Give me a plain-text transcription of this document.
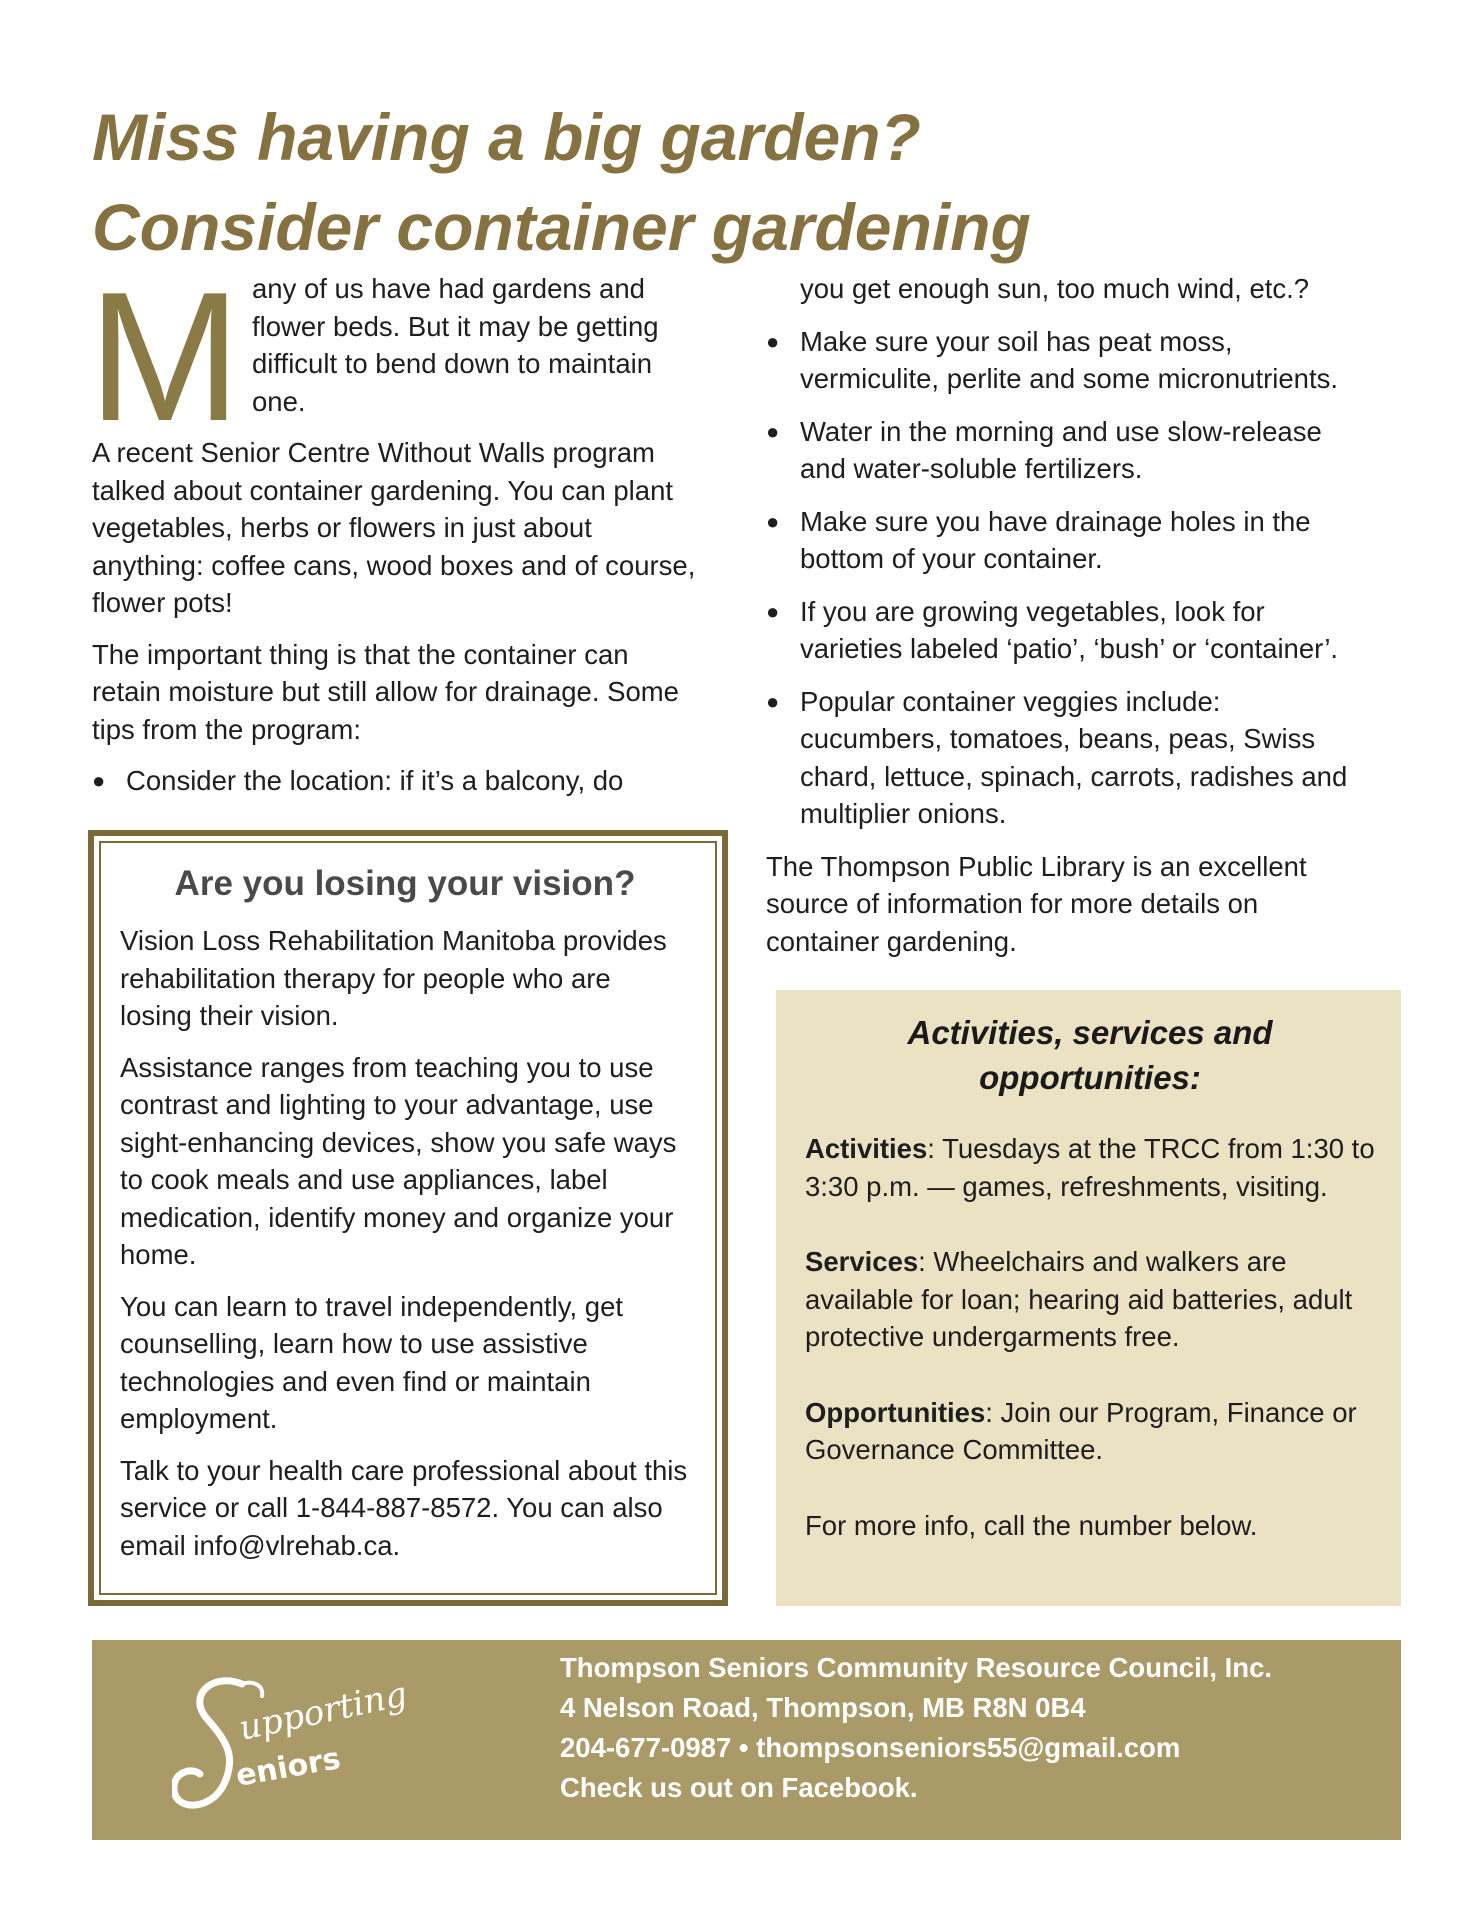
Miss having a big garden?
Consider container gardening
M any of us have had gardens and flower beds. But it may be getting difficult to bend down to maintain one.

A recent Senior Centre Without Walls program talked about container gardening. You can plant vegetables, herbs or flowers in just about anything: coffee cans, wood boxes and of course, flower pots!

The important thing is that the container can retain moisture but still allow for drainage. Some tips from the program:

● Consider the location: if it’s a balcony, do
you get enough sun, too much wind, etc.?
● Make sure your soil has peat moss, vermiculite, perlite and some micronutrients.
● Water in the morning and use slow-release and water-soluble fertilizers.
● Make sure you have drainage holes in the bottom of your container.
● If you are growing vegetables, look for varieties labeled ‘patio’, ‘bush’ or ‘container’.
● Popular container veggies include: cucumbers, tomatoes, beans, peas, Swiss chard, lettuce, spinach, carrots, radishes and multiplier onions.

The Thompson Public Library is an excellent source of information for more details on container gardening.

Are you losing your vision?

Vision Loss Rehabilitation Manitoba provides rehabilitation therapy for people who are losing their vision.

Assistance ranges from teaching you to use contrast and lighting to your advantage, use sight-enhancing devices, show you safe ways to cook meals and use appliances, label medication, identify money and organize your home.

You can learn to travel independently, get counselling, learn how to use assistive technologies and even find or maintain employment.

Talk to your health care professional about this service or call 1-844-887-8572. You can also email info@vlrehab.ca.

Activities, services and
opportunities:

Activities: Tuesdays at the TRCC from 1:30 to 3:30 p.m. — games, refreshments, visiting.

Services: Wheelchairs and walkers are available for loan; hearing aid batteries, adult protective undergarments free.

Opportunities: Join our Program, Finance or Governance Committee.

For more info, call the number below.

upporting
eniors
Thompson Seniors Community Resource Council, Inc.
4 Nelson Road, Thompson, MB R8N 0B4
204-677-0987 • thompsonseniors55@gmail.com
Check us out on Facebook.
